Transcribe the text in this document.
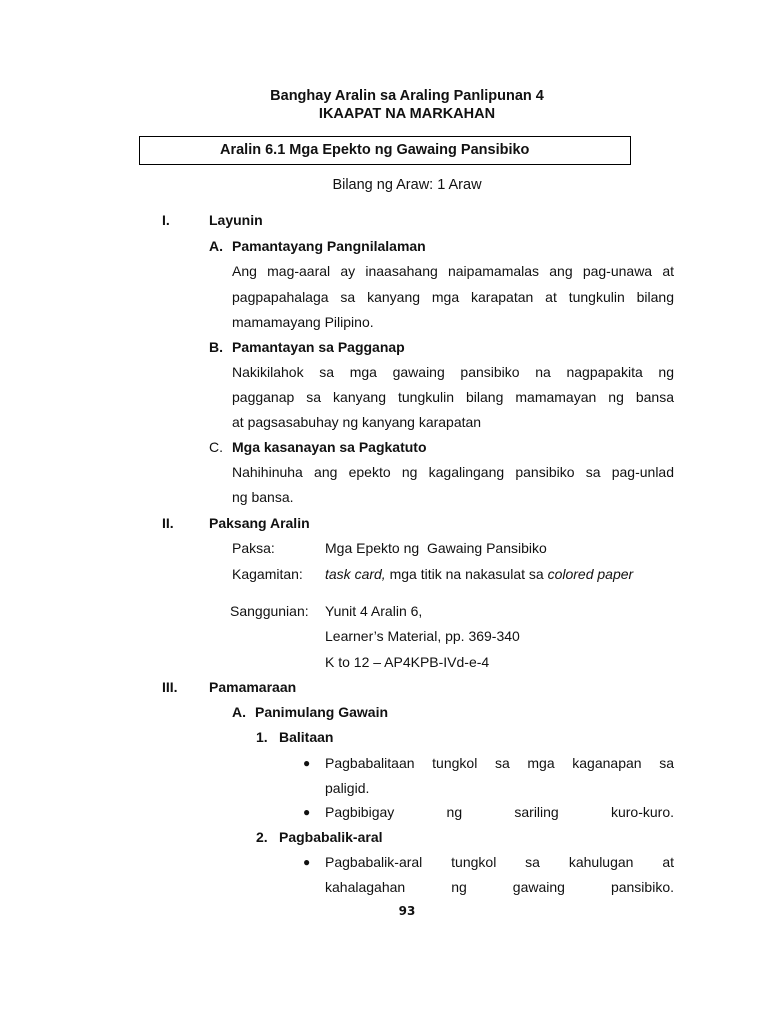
Banghay Aralin sa Araling Panlipunan 4
IKAAPAT NA MARKAHAN
Aralin 6.1 Mga Epekto ng Gawaing Pansibiko
Bilang ng Araw: 1 Araw
I.	Layunin
A. Pamantayang Pangnilalaman
Ang mag-aaral ay inaasahang naipamamalas ang pag-unawa at
pagpapahalaga sa kanyang mga karapatan at tungkulin bilang
mamamayang Pilipino.
B. Pamantayan sa Pagganap
Nakikilahok sa mga gawaing pansibiko na nagpapakita ng
pagganap sa kanyang tungkulin bilang mamamayan ng bansa
at pagsasabuhay ng kanyang karapatan
C. Mga kasanayan sa Pagkatuto
Nahihinuha ang epekto ng kagalingang pansibiko sa pag-unlad
ng bansa.
II.	Paksang Aralin
Paksa:	Mga Epekto ng  Gawaing Pansibiko
Kagamitan: task card, mga titik na nakasulat sa colored paper
Sanggunian: Yunit 4 Aralin 6,
Learner’s Material, pp. 369-340
K to 12 – AP4KPB-IVd-e-4
III. Pamamaraan
A. Panimulang Gawain
1. Balitaan
● Pagbabalitaan tungkol sa mga kaganapan sa
paligid.
● Pagbibigay ng sariling kuro-kuro.
2. Pagbabalik-aral
● Pagbabalik-aral tungkol sa kahulugan at
kahalagahan ng gawaing pansibiko.
93
